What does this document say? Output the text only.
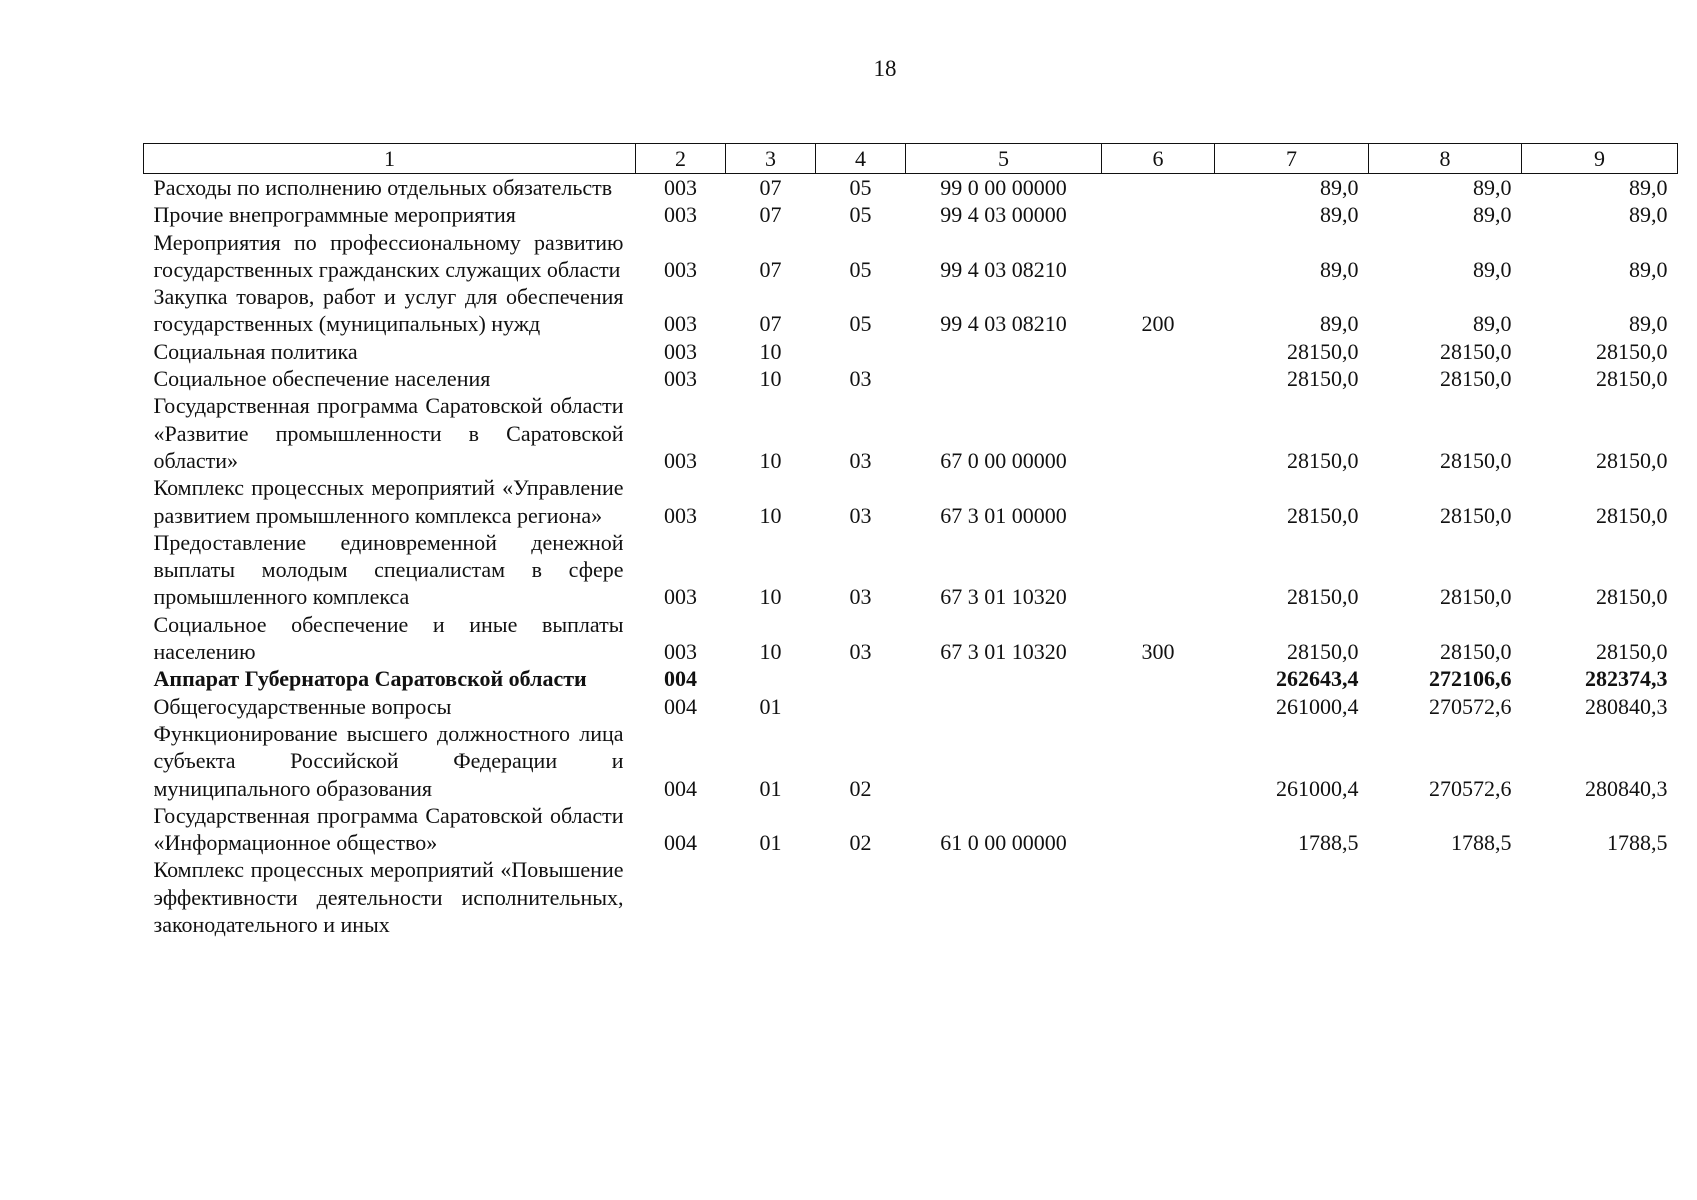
18
1	2	3	4	5	6	7	8	9
Расходы по исполнению отдельных обязательств	003	07	05	99 0 00 00000		89,0	89,0	89,0
Прочие внепрограммные мероприятия	003	07	05	99 4 03 00000		89,0	89,0	89,0
Мероприятия по профессиональному развитию государственных гражданских служащих области	003	07	05	99 4 03 08210		89,0	89,0	89,0
Закупка товаров, работ и услуг для обеспечения государственных (муниципальных) нужд	003	07	05	99 4 03 08210	200	89,0	89,0	89,0
Социальная политика	003	10				28150,0	28150,0	28150,0
Социальное обеспечение населения	003	10	03			28150,0	28150,0	28150,0
Государственная программа Саратовской области «Развитие промышленности в Саратовской области»	003	10	03	67 0 00 00000		28150,0	28150,0	28150,0
Комплекс процессных мероприятий «Управление развитием промышленного комплекса региона»	003	10	03	67 3 01 00000		28150,0	28150,0	28150,0
Предоставление единовременной денежной выплаты молодым специалистам в сфере промышленного комплекса	003	10	03	67 3 01 10320		28150,0	28150,0	28150,0
Социальное обеспечение и иные выплаты населению	003	10	03	67 3 01 10320	300	28150,0	28150,0	28150,0
Аппарат Губернатора Саратовской области	004					262643,4	272106,6	282374,3
Общегосударственные вопросы	004	01				261000,4	270572,6	280840,3
Функционирование высшего должностного лица субъекта Российской Федерации и муниципального образования	004	01	02			261000,4	270572,6	280840,3
Государственная программа Саратовской области «Информационное общество»	004	01	02	61 0 00 00000		1788,5	1788,5	1788,5
Комплекс процессных мероприятий «Повышение эффективности деятельности исполнительных, законодательного и иных								
